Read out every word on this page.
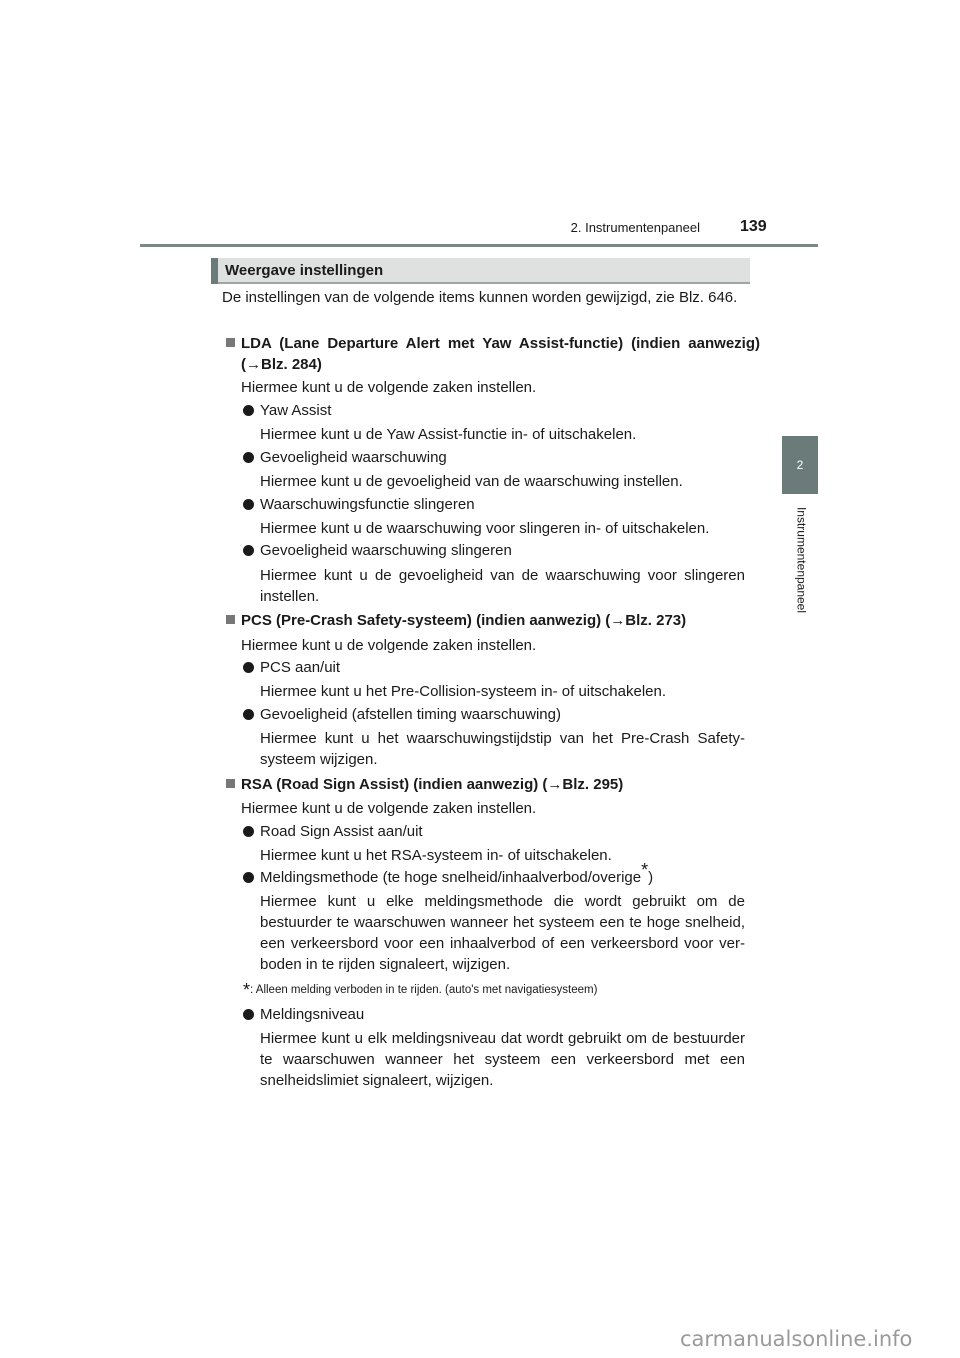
2. Instrumentenpaneel	139
2
Instrumentenpaneel
Weergave instellingen
De instellingen van de volgende items kunnen worden gewijzigd, zie Blz. 646.
LDA (Lane Departure Alert met Yaw Assist-functie) (indien aanwezig) (→Blz. 284)
Hiermee kunt u de volgende zaken instellen.
Yaw Assist
Hiermee kunt u de Yaw Assist-functie in- of uitschakelen.
Gevoeligheid waarschuwing
Hiermee kunt u de gevoeligheid van de waarschuwing instellen.
Waarschuwingsfunctie slingeren
Hiermee kunt u de waarschuwing voor slingeren in- of uitschakelen.
Gevoeligheid waarschuwing slingeren
Hiermee kunt u de gevoeligheid van de waarschuwing voor slingeren instellen.
PCS (Pre-Crash Safety-systeem) (indien aanwezig) (→Blz. 273)
Hiermee kunt u de volgende zaken instellen.
PCS aan/uit
Hiermee kunt u het Pre-Collision-systeem in- of uitschakelen.
Gevoeligheid (afstellen timing waarschuwing)
Hiermee kunt u het waarschuwingstijdstip van het Pre-Crash Safety-systeem wijzigen.
RSA (Road Sign Assist) (indien aanwezig) (→Blz. 295)
Hiermee kunt u de volgende zaken instellen.
Road Sign Assist aan/uit
Hiermee kunt u het RSA-systeem in- of uitschakelen.
Meldingsmethode (te hoge snelheid/inhaalverbod/overige*)
Hiermee kunt u elke meldingsmethode die wordt gebruikt om de bestuurder te waarschuwen wanneer het systeem een te hoge snelheid, een verkeersbord voor een inhaalverbod of een verkeersbord voor ver-boden in te rijden signaleert, wijzigen.
*: Alleen melding verboden in te rijden. (auto's met navigatiesysteem)
Meldingsniveau
Hiermee kunt u elk meldingsniveau dat wordt gebruikt om de bestuurder te waarschuwen wanneer het systeem een verkeersbord met een snelheidslimiet signaleert, wijzigen.
carmanualsonline.info
